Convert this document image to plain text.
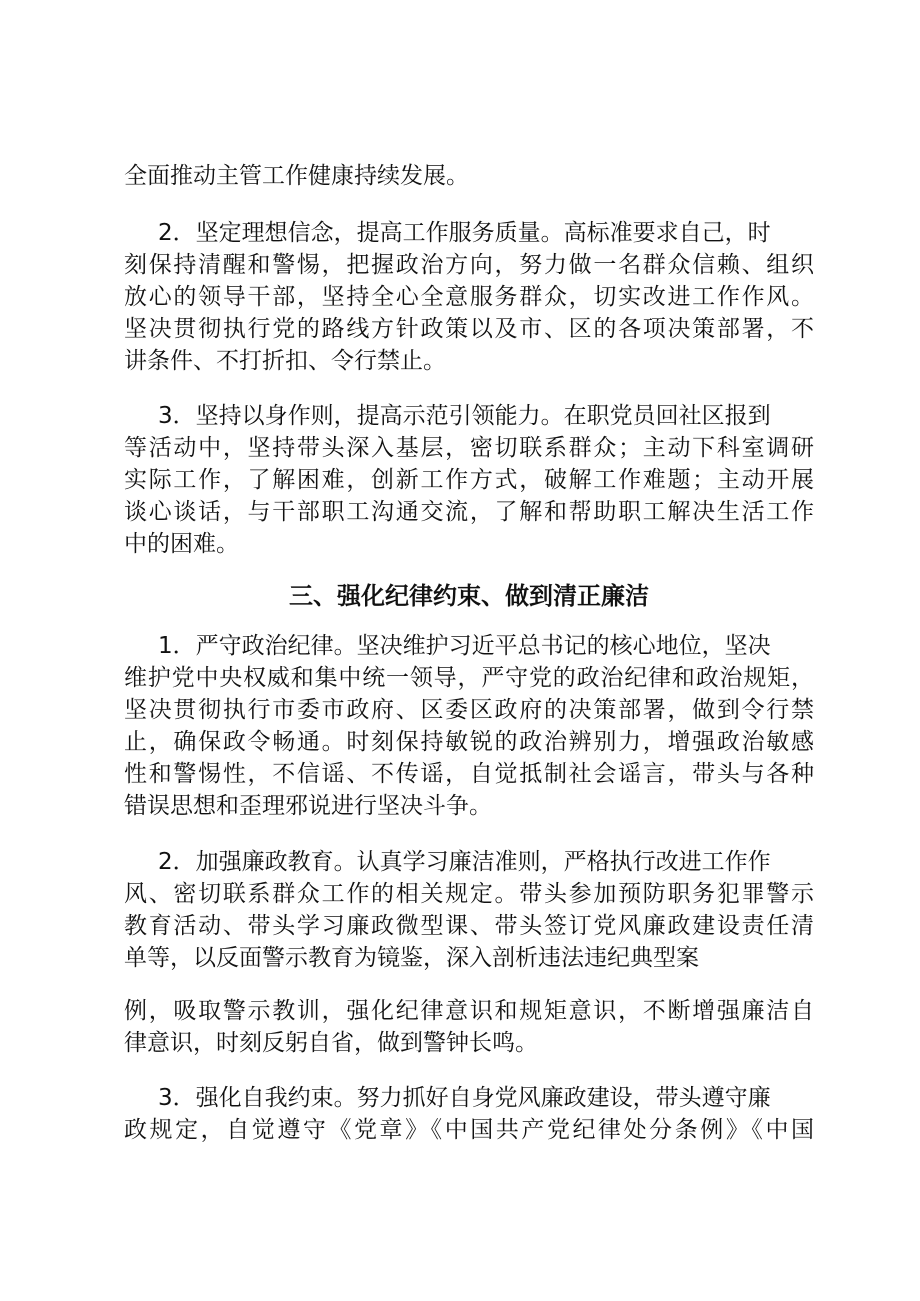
全面推动主管工作健康持续发展。
2．坚定理想信念，提高工作服务质量。高标准要求自己，时
刻保持清醒和警惕，把握政治方向，努力做一名群众信赖、组织
放心的领导干部，坚持全心全意服务群众，切实改进工作作风。
坚决贯彻执行党的路线方针政策以及市、区的各项决策部署，不
讲条件、不打折扣、令行禁止。
3．坚持以身作则，提高示范引领能力。在职党员回社区报到
等活动中，坚持带头深入基层，密切联系群众；主动下科室调研
实际工作，了解困难，创新工作方式，破解工作难题；主动开展
谈心谈话，与干部职工沟通交流，了解和帮助职工解决生活工作
中的困难。
三、强化纪律约束、做到清正廉洁
1．严守政治纪律。坚决维护习近平总书记的核心地位，坚决
维护党中央权威和集中统一领导，严守党的政治纪律和政治规矩，
坚决贯彻执行市委市政府、区委区政府的决策部署，做到令行禁
止，确保政令畅通。时刻保持敏锐的政治辨别力，增强政治敏感
性和警惕性，不信谣、不传谣，自觉抵制社会谣言，带头与各种
错误思想和歪理邪说进行坚决斗争。
2．加强廉政教育。认真学习廉洁准则，严格执行改进工作作
风、密切联系群众工作的相关规定。带头参加预防职务犯罪警示
教育活动、带头学习廉政微型课、带头签订党风廉政建设责任清
单等，以反面警示教育为镜鉴，深入剖析违法违纪典型案
例，吸取警示教训，强化纪律意识和规矩意识，不断增强廉洁自
律意识，时刻反躬自省，做到警钟长鸣。
3．强化自我约束。努力抓好自身党风廉政建设，带头遵守廉
政规定，自觉遵守《党章》《中国共产党纪律处分条例》《中国
